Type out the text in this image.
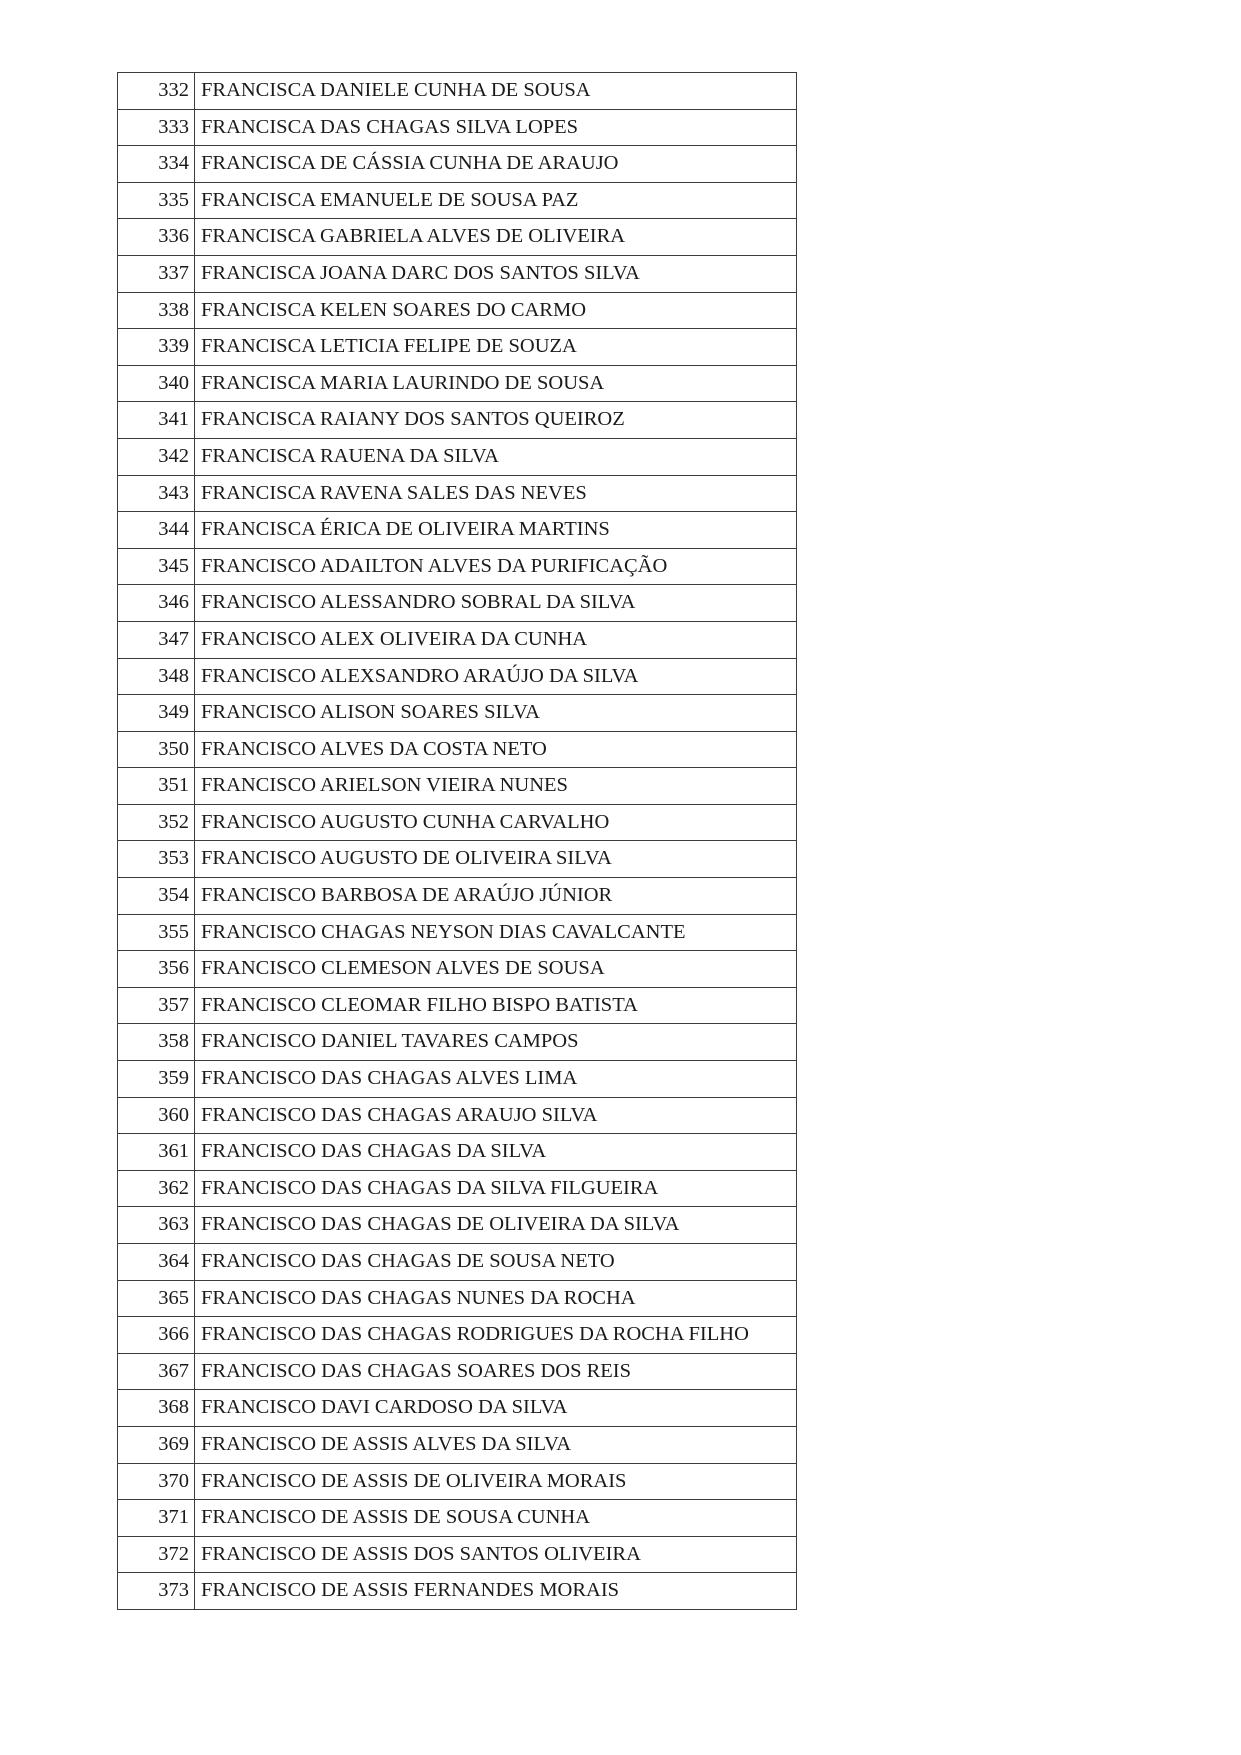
332	FRANCISCA DANIELE CUNHA DE SOUSA
333	FRANCISCA DAS CHAGAS SILVA LOPES
334	FRANCISCA DE CÁSSIA CUNHA DE ARAUJO
335	FRANCISCA EMANUELE DE SOUSA PAZ
336	FRANCISCA GABRIELA ALVES DE OLIVEIRA
337	FRANCISCA JOANA DARC DOS SANTOS SILVA
338	FRANCISCA KELEN SOARES DO CARMO
339	FRANCISCA LETICIA FELIPE DE SOUZA
340	FRANCISCA MARIA LAURINDO DE SOUSA
341	FRANCISCA RAIANY DOS SANTOS QUEIROZ
342	FRANCISCA RAUENA DA SILVA
343	FRANCISCA RAVENA SALES DAS NEVES
344	FRANCISCA ÉRICA DE OLIVEIRA MARTINS
345	FRANCISCO ADAILTON ALVES DA PURIFICAÇÃO
346	FRANCISCO ALESSANDRO SOBRAL DA SILVA
347	FRANCISCO ALEX OLIVEIRA DA CUNHA
348	FRANCISCO ALEXSANDRO ARAÚJO DA SILVA
349	FRANCISCO ALISON SOARES SILVA
350	FRANCISCO ALVES DA COSTA NETO
351	FRANCISCO ARIELSON VIEIRA NUNES
352	FRANCISCO AUGUSTO CUNHA CARVALHO
353	FRANCISCO AUGUSTO DE OLIVEIRA SILVA
354	FRANCISCO BARBOSA DE ARAÚJO JÚNIOR
355	FRANCISCO CHAGAS NEYSON DIAS CAVALCANTE
356	FRANCISCO CLEMESON ALVES DE SOUSA
357	FRANCISCO CLEOMAR FILHO BISPO BATISTA
358	FRANCISCO DANIEL TAVARES CAMPOS
359	FRANCISCO DAS CHAGAS ALVES LIMA
360	FRANCISCO DAS CHAGAS ARAUJO SILVA
361	FRANCISCO DAS CHAGAS DA SILVA
362	FRANCISCO DAS CHAGAS DA SILVA FILGUEIRA
363	FRANCISCO DAS CHAGAS DE OLIVEIRA DA SILVA
364	FRANCISCO DAS CHAGAS DE SOUSA NETO
365	FRANCISCO DAS CHAGAS NUNES DA ROCHA
366	FRANCISCO DAS CHAGAS RODRIGUES DA ROCHA FILHO
367	FRANCISCO DAS CHAGAS SOARES DOS REIS
368	FRANCISCO DAVI CARDOSO DA SILVA
369	FRANCISCO DE ASSIS ALVES DA SILVA
370	FRANCISCO DE ASSIS DE OLIVEIRA MORAIS
371	FRANCISCO DE ASSIS DE SOUSA CUNHA
372	FRANCISCO DE ASSIS DOS SANTOS OLIVEIRA
373	FRANCISCO DE ASSIS FERNANDES MORAIS
